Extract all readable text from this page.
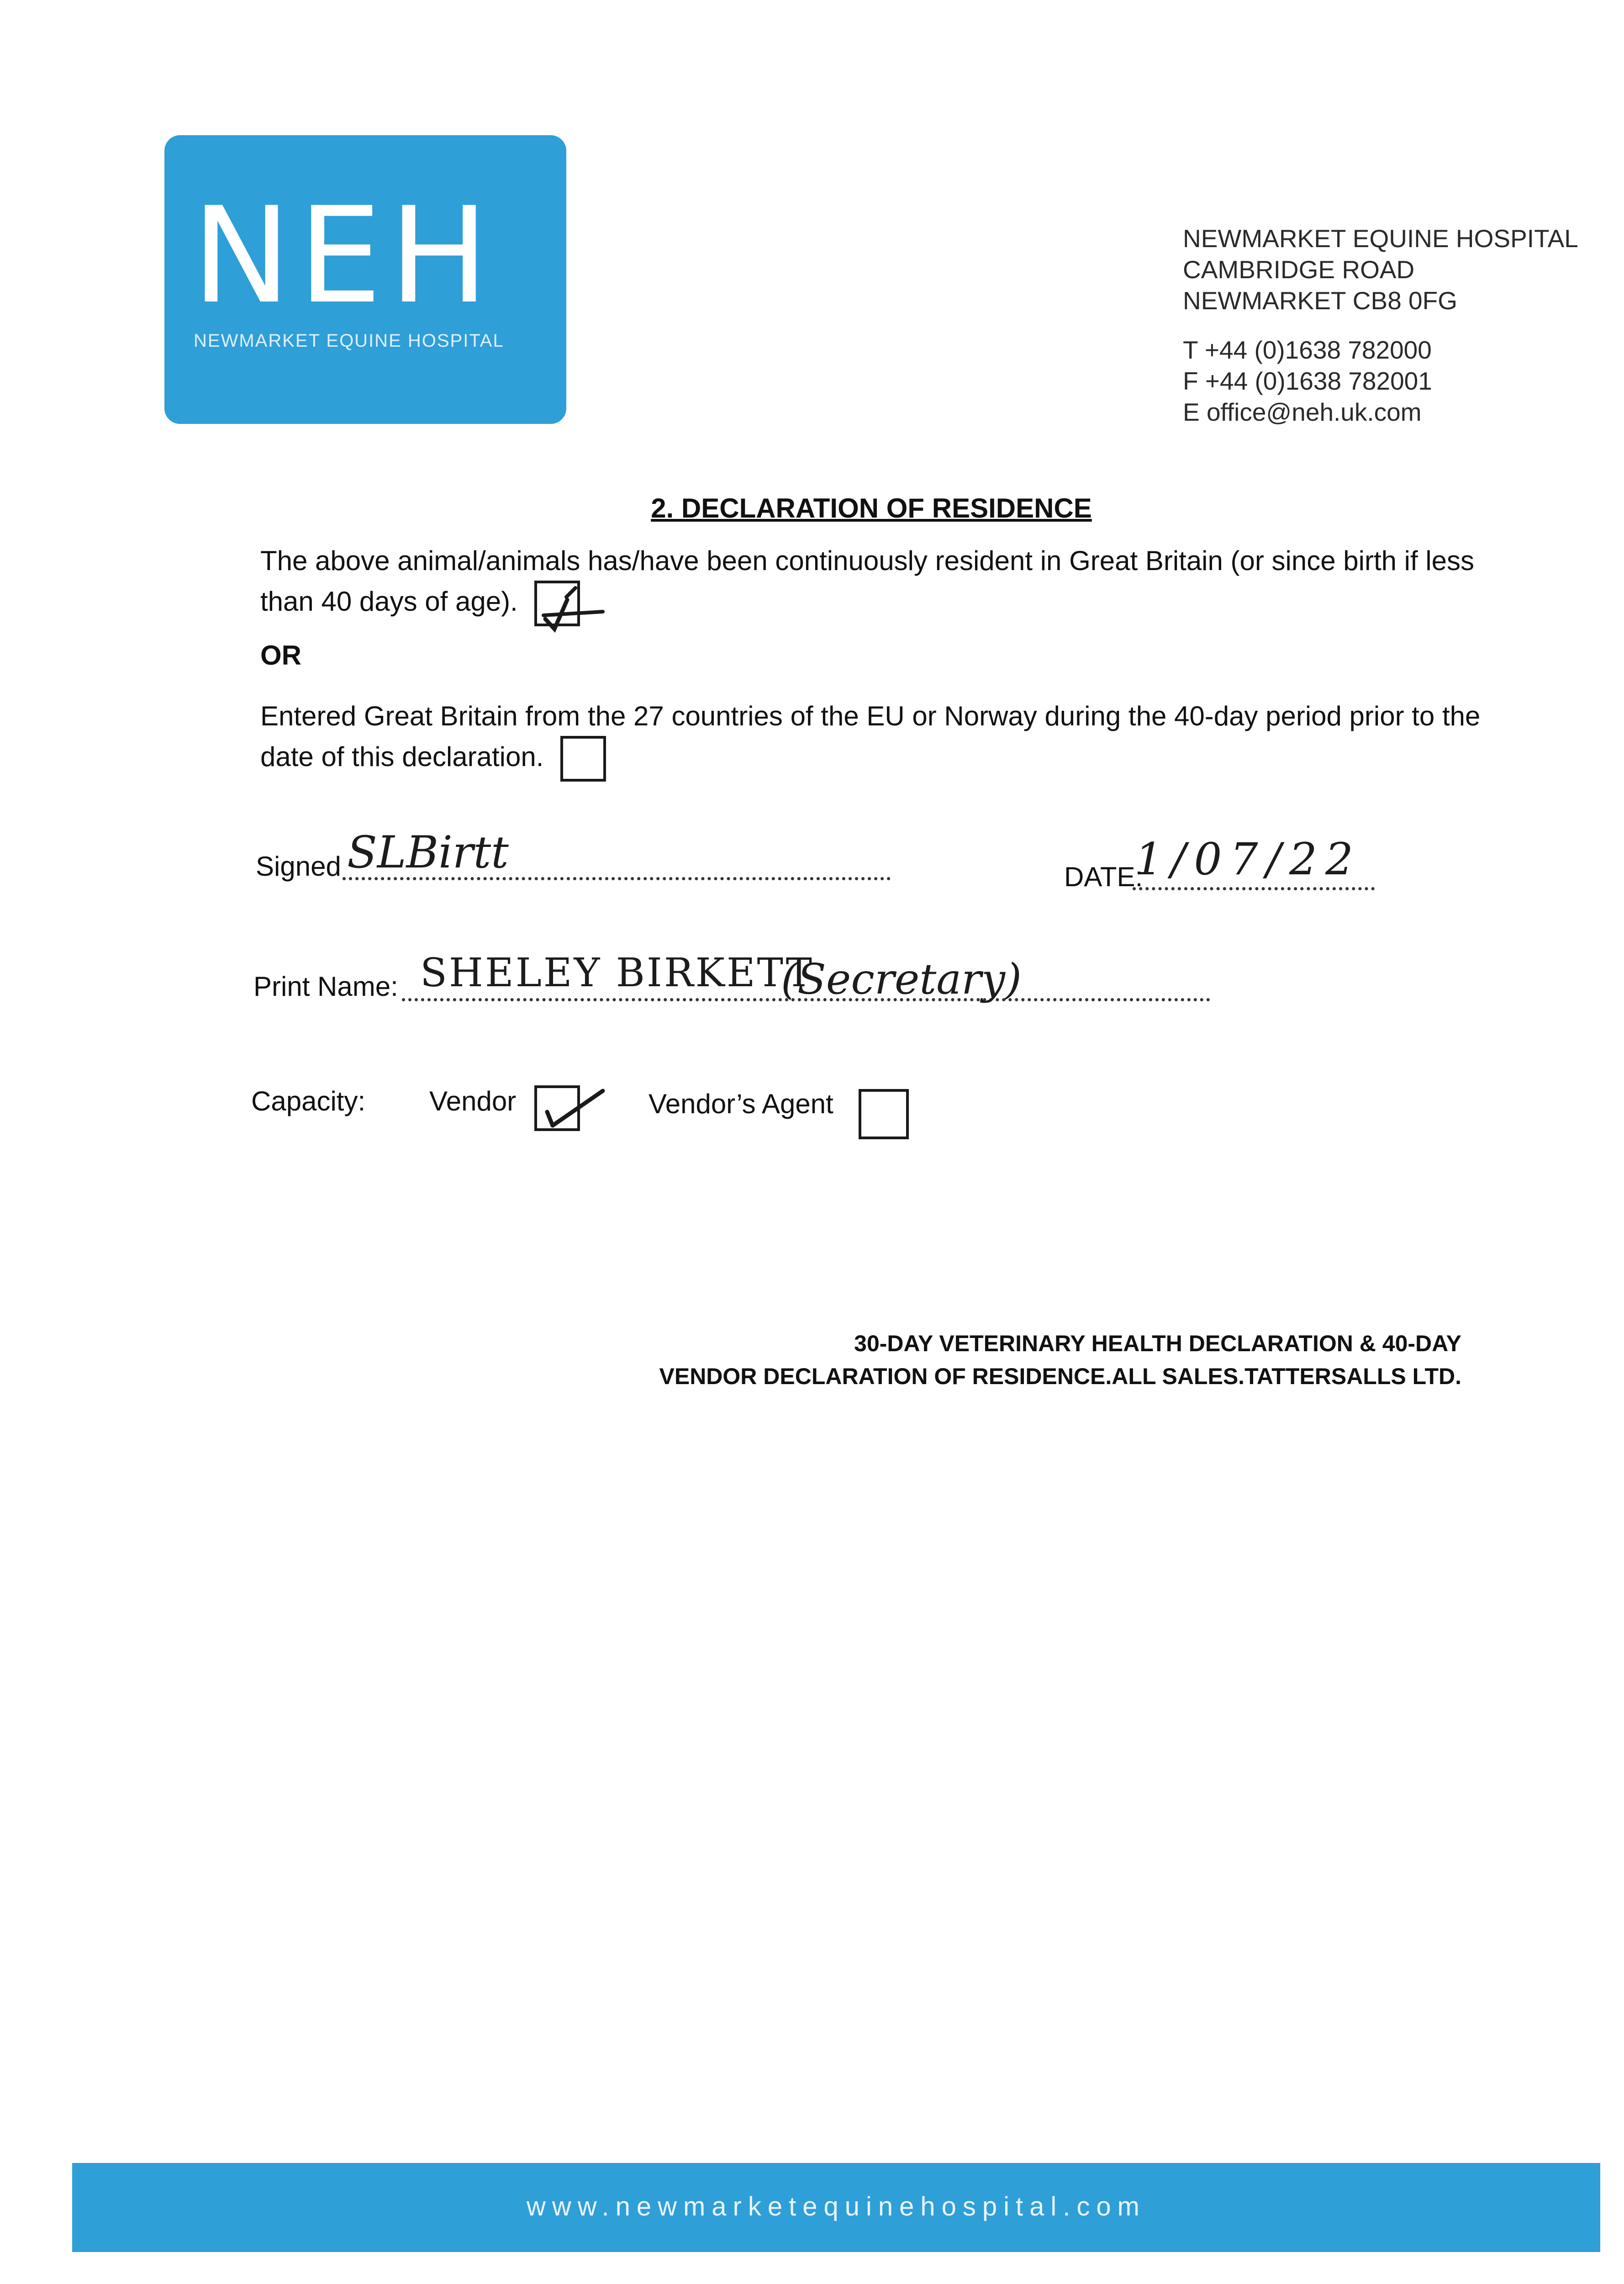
NEH
NEWMARKET EQUINE HOSPITAL
NEWMARKET EQUINE HOSPITAL
CAMBRIDGE ROAD
NEWMARKET CB8 0FG
T +44 (0)1638 782000
F +44 (0)1638 782001
E office@neh.uk.com
2. DECLARATION OF RESIDENCE
The above animal/animals has/have been continuously resident in Great Britain (or since birth if less than 40 days of age).
OR
Entered Great Britain from the 27 countries of the EU or Norway during the 40-day period prior to the date of this declaration.
Signed SLBirtt	DATE:
1/07/22
Print Name: SHELEY BIRKETT
(Secretary)
Capacity: Vendor	Vendor’s Agent
30-DAY VETERINARY HEALTH DECLARATION & 40-DAY
VENDOR DECLARATION OF RESIDENCE.ALL SALES.TATTERSALLS LTD.
www.newmarketequinehospital.com
